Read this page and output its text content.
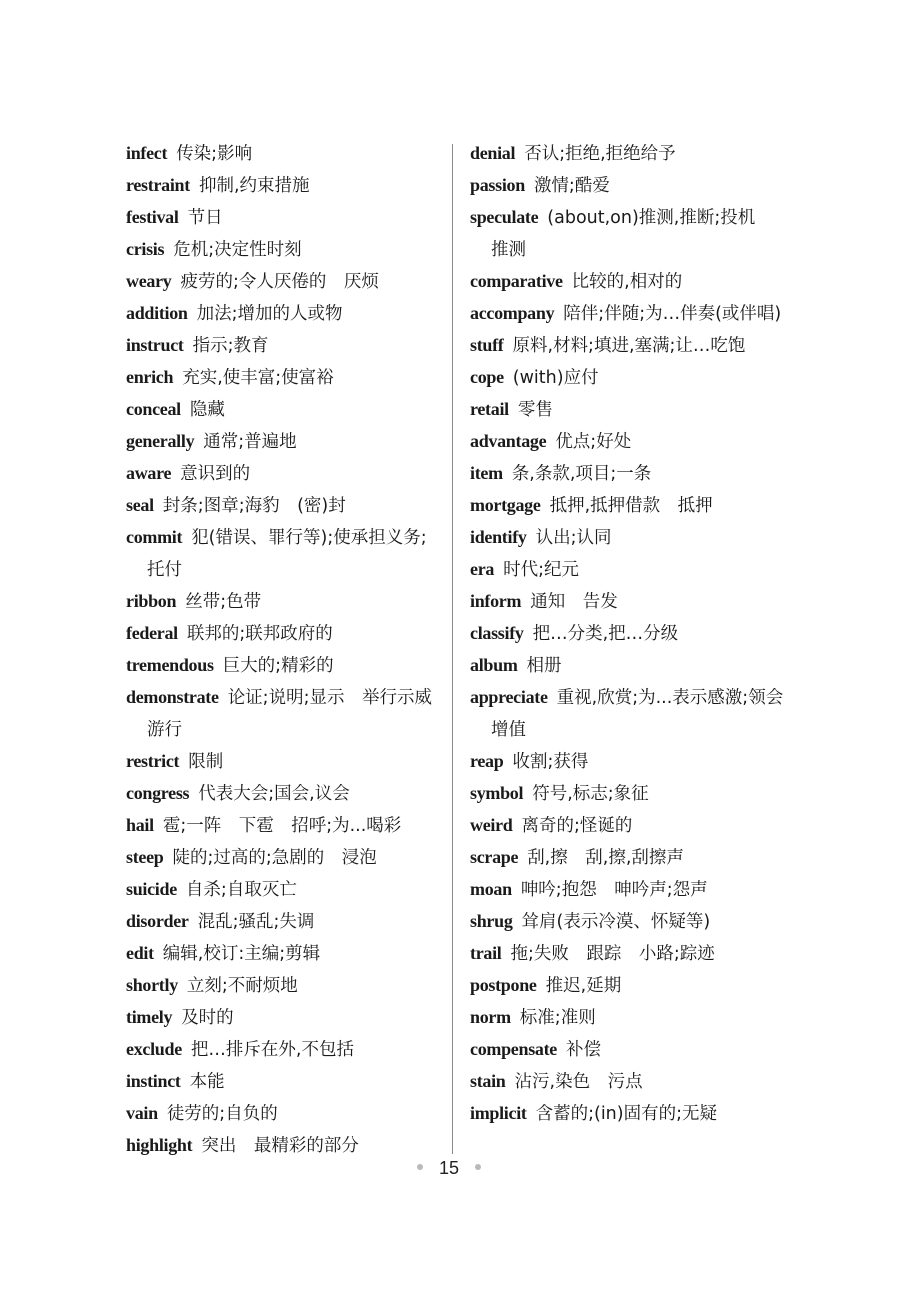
infect 传染;影响
restraint 抑制,约束措施
festival 节日
crisis 危机;决定性时刻
weary 疲劳的;令人厌倦的　厌烦
addition 加法;增加的人或物
instruct 指示;教育
enrich 充实,使丰富;使富裕
conceal 隐藏
generally 通常;普遍地
aware 意识到的
seal 封条;图章;海豹　(密)封
commit 犯(错误、罪行等);使承担义务;托付
ribbon 丝带;色带
federal 联邦的;联邦政府的
tremendous 巨大的;精彩的
demonstrate 论证;说明;显示　举行示威游行
restrict 限制
congress 代表大会;国会,议会
hail 雹;一阵　下雹　招呼;为...喝彩
steep 陡的;过高的;急剧的　浸泡
suicide 自杀;自取灭亡
disorder 混乱;骚乱;失调
edit 编辑,校订:主编;剪辑
shortly 立刻;不耐烦地
timely 及时的
exclude 把…排斥在外,不包括
instinct 本能
vain 徒劳的;自负的
highlight 突出　最精彩的部分
denial 否认;拒绝,拒绝给予
passion 激情;酷爱
speculate (about,on)推测,推断;投机　推测
comparative 比较的,相对的
accompany 陪伴;伴随;为…伴奏(或伴唱)
stuff 原料,材料;填进,塞满;让…吃饱
cope (with)应付
retail 零售
advantage 优点;好处
item 条,条款,项目;一条
mortgage 抵押,抵押借款　抵押
identify 认出;认同
era 时代;纪元
inform 通知　告发
classify 把…分类,把…分级
album 相册
appreciate 重视,欣赏;为...表示感激;领会　增值
reap 收割;获得
symbol 符号,标志;象征
weird 离奇的;怪诞的
scrape 刮,擦　刮,擦,刮擦声
moan 呻吟;抱怨　呻吟声;怨声
shrug 耸肩(表示冷漠、怀疑等)
trail 拖;失败　跟踪　小路;踪迹
postpone 推迟,延期
norm 标准;准则
compensate 补偿
stain 沾污,染色　污点
implicit 含蓄的;(in)固有的;无疑
15
